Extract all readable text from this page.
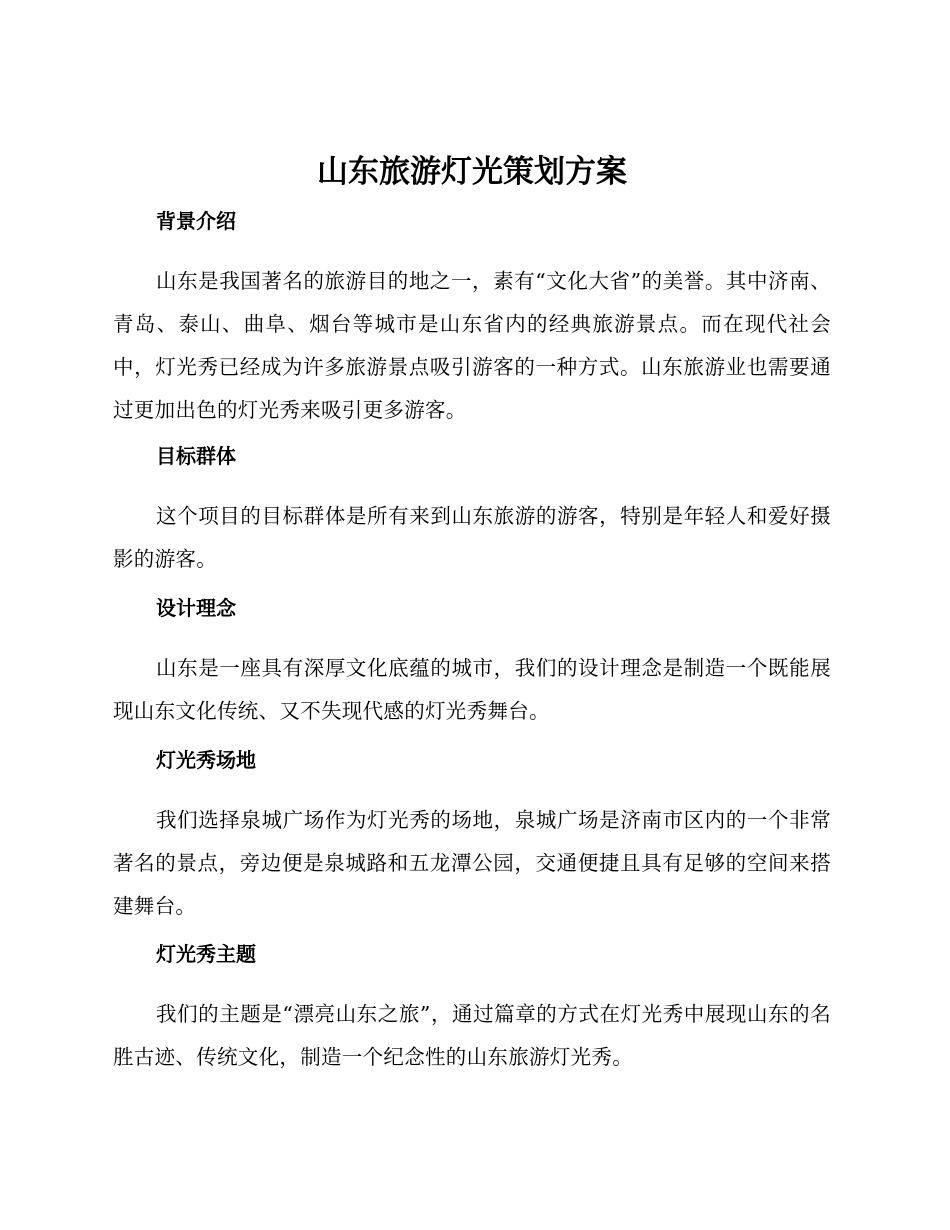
山东旅游灯光策划方案
背景介绍

山东是我国著名的旅游目的地之一，素有“文化大省”的美誉。其中济南、青岛、泰山、曲阜、烟台等城市是山东省内的经典旅游景点。而在现代社会中，灯光秀已经成为许多旅游景点吸引游客的一种方式。山东旅游业也需要通过更加出色的灯光秀来吸引更多游客。

目标群体

这个项目的目标群体是所有来到山东旅游的游客，特别是年轻人和爱好摄影的游客。

设计理念

山东是一座具有深厚文化底蕴的城市，我们的设计理念是制造一个既能展现山东文化传统、又不失现代感的灯光秀舞台。

灯光秀场地

我们选择泉城广场作为灯光秀的场地，泉城广场是济南市区内的一个非常著名的景点，旁边便是泉城路和五龙潭公园，交通便捷且具有足够的空间来搭建舞台。

灯光秀主题

我们的主题是“漂亮山东之旅”，通过篇章的方式在灯光秀中展现山东的名胜古迹、传统文化，制造一个纪念性的山东旅游灯光秀。
